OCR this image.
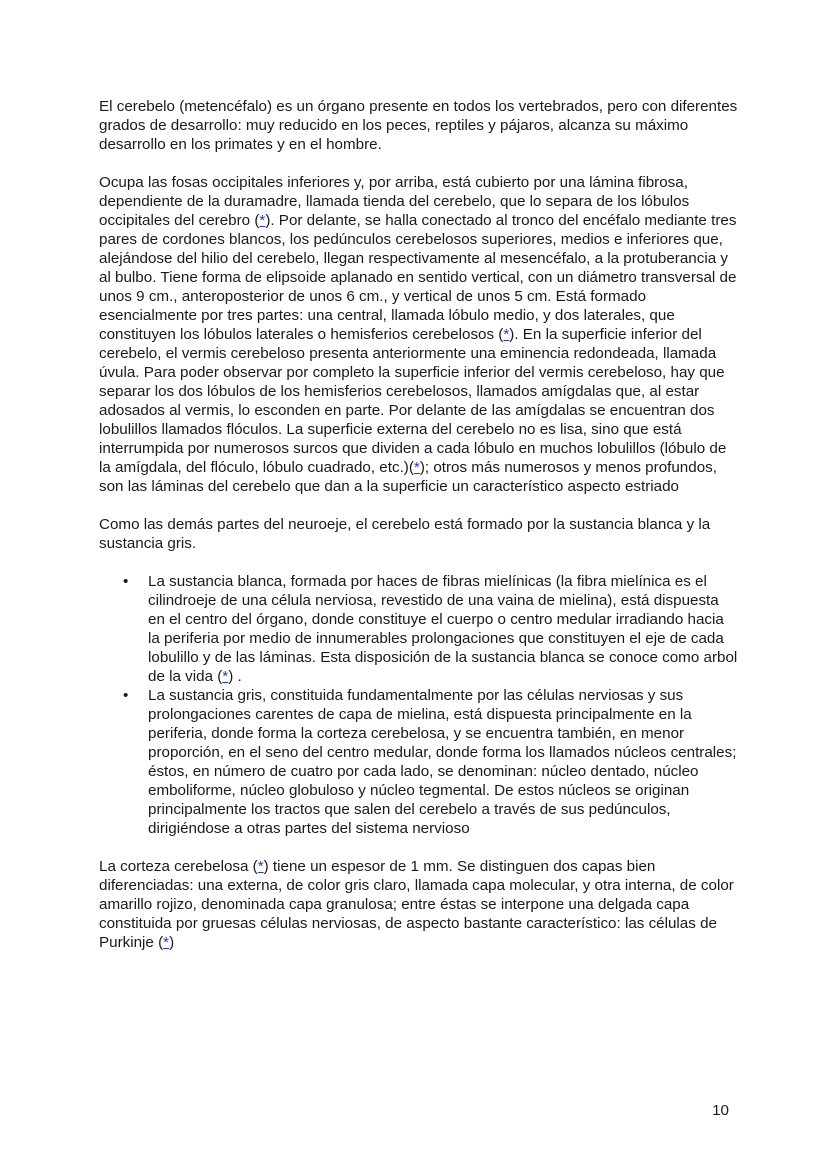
El cerebelo (metencéfalo) es un órgano presente en todos los vertebrados, pero con diferentes grados de desarrollo: muy reducido en los peces, reptiles y pájaros, alcanza su máximo desarrollo en los primates y en el hombre.

Ocupa las fosas occipitales inferiores y, por arriba, está cubierto por una lámina fibrosa, dependiente de la duramadre, llamada tienda del cerebelo, que lo separa de los lóbulos occipitales del cerebro (*). Por delante, se halla conectado al tronco del encéfalo mediante tres pares de cordones blancos, los pedúnculos cerebelosos superiores, medios e inferiores que, alejándose del hilio del cerebelo, llegan respectivamente al mesencéfalo, a la protuberancia y al bulbo. Tiene forma de elipsoide aplanado en sentido vertical, con un diámetro transversal de unos 9 cm., anteroposterior de unos 6 cm., y vertical de unos 5 cm. Está formado esencialmente por tres partes: una central, llamada lóbulo medio, y dos laterales, que constituyen los lóbulos laterales o hemisferios cerebelosos (*). En la superficie inferior del cerebelo, el vermis cerebeloso presenta anteriormente una eminencia redondeada, llamada úvula. Para poder observar por completo la superficie inferior del vermis cerebeloso, hay que separar los dos lóbulos de los hemisferios cerebelosos, llamados amígdalas que, al estar adosados al vermis, lo esconden en parte. Por delante de las amígdalas se encuentran dos lobulillos llamados flóculos. La superficie externa del cerebelo no es lisa, sino que está interrumpida por numerosos surcos que dividen a cada lóbulo en muchos lobulillos (lóbulo de la amígdala, del flóculo, lóbulo cuadrado, etc.)(*); otros más numerosos y menos profundos, son las láminas del cerebelo que dan a la superficie un característico aspecto estriado

Como las demás partes del neuroeje, el cerebelo está formado por la sustancia blanca y la sustancia gris.

• La sustancia blanca, formada por haces de fibras mielínicas (la fibra mielínica es el cilindroeje de una célula nerviosa, revestido de una vaina de mielina), está dispuesta en el centro del órgano, donde constituye el cuerpo o centro medular irradiando hacia la periferia por medio de innumerables prolongaciones que constituyen el eje de cada lobulillo y de las láminas. Esta disposición de la sustancia blanca se conoce como arbol de la vida (*) .
• La sustancia gris, constituida fundamentalmente por las células nerviosas y sus prolongaciones carentes de capa de mielina, está dispuesta principalmente en la periferia, donde forma la corteza cerebelosa, y se encuentra también, en menor proporción, en el seno del centro medular, donde forma los llamados núcleos centrales; éstos, en número de cuatro por cada lado, se denominan: núcleo dentado, núcleo emboliforme, núcleo globuloso y núcleo tegmental. De estos núcleos se originan principalmente los tractos que salen del cerebelo a través de sus pedúnculos, dirigiéndose a otras partes del sistema nervioso

La corteza cerebelosa (*) tiene un espesor de 1 mm. Se distinguen dos capas bien diferenciadas: una externa, de color gris claro, llamada capa molecular, y otra interna, de color amarillo rojizo, denominada capa granulosa; entre éstas se interpone una delgada capa constituida por gruesas células nerviosas, de aspecto bastante característico: las células de Purkinje (*)

10
